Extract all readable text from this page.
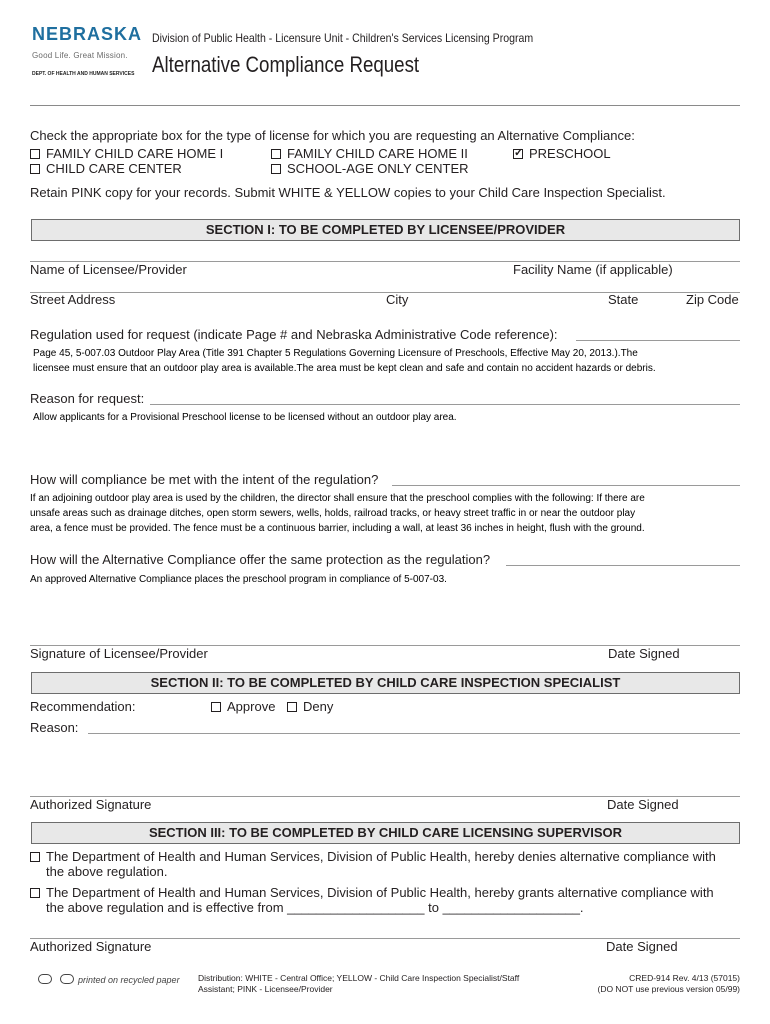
NEBRASKA
Good Life. Great Mission.
DEPT. OF HEALTH AND HUMAN SERVICES
Division of Public Health - Licensure Unit - Children's Services Licensing Program
Alternative Compliance Request
Check the appropriate box for the type of license for which you are requesting an Alternative Compliance:
FAMILY CHILD CARE HOME I	FAMILY CHILD CARE HOME II
✓	PRESCHOOL
CHILD CARE CENTER	SCHOOL-AGE ONLY CENTER
Retain PINK copy for your records. Submit WHITE & YELLOW copies to your Child Care Inspection Specialist.
SECTION I: TO BE COMPLETED BY LICENSEE/PROVIDER
Name of Licensee/Provider	Facility Name (if applicable)
Street Address	City	State	Zip Code
Regulation used for request (indicate Page # and Nebraska Administrative Code reference):
Page 45, 5-007.03 Outdoor Play Area (Title 391 Chapter 5 Regulations Governing Licensure of Preschools, Effective May 20, 2013.).The
licensee must ensure that an outdoor play area is available.The area must be kept clean and safe and contain no accident hazards or debris.
Reason for request:
Allow applicants for a Provisional Preschool license to be licensed without an outdoor play area.
How will compliance be met with the intent of the regulation?
If an adjoining outdoor play area is used by the children, the director shall ensure that the preschool complies with the following: If there are
unsafe areas such as drainage ditches, open storm sewers, wells, holds, railroad tracks, or heavy street traffic in or near the outdoor play
area, a fence must be provided. The fence must be a continuous barrier, including a wall, at least 36 inches in height, flush with the ground.
How will the Alternative Compliance offer the same protection as the regulation?
An approved Alternative Compliance places the preschool program in compliance of 5-007-03.
Signature of Licensee/Provider	Date Signed
SECTION II: TO BE COMPLETED BY CHILD CARE INSPECTION SPECIALIST
Recommendation:	Approve	Deny
Reason:
Authorized Signature	Date Signed
SECTION III: TO BE COMPLETED BY CHILD CARE LICENSING SUPERVISOR
The Department of Health and Human Services, Division of Public Health, hereby denies alternative compliance with
the above regulation.
The Department of Health and Human Services, Division of Public Health, hereby grants alternative compliance with
the above regulation and is effective from ___________________ to ___________________.
Authorized Signature	Date Signed
printed on recycled paper Distribution: WHITE - Central Office; YELLOW - Child Care Inspection Specialist/Staff
Assistant; PINK - Licensee/Provider
CRED-914 Rev. 4/13 (57015)
(DO NOT use previous version 05/99)
